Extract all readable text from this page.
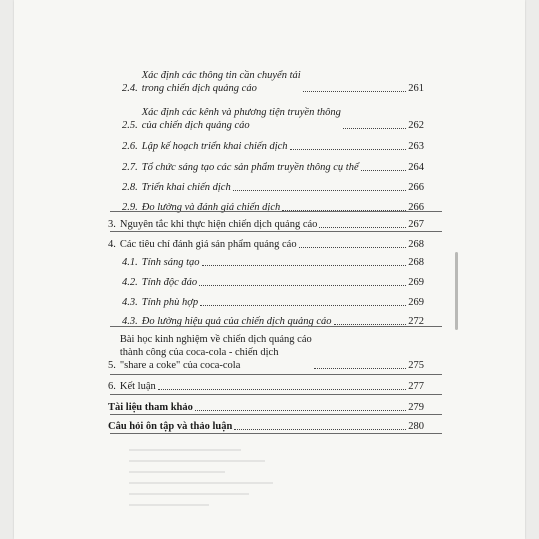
2.4.
Xác định các thông tin cần chuyển tải
trong chiến dịch quảng cáo	261
2.5.
Xác định các kênh và phương tiện truyền thông
của chiến dịch quảng cáo	262
2.6. Lập kế hoạch triển khai chiến dịch	263
2.7. Tổ chức sáng tạo các sản phẩm truyền thông cụ thể	264
2.8. Triển khai chiến dịch	266
2.9. Đo lường và đánh giá chiến dịch	266
3. Nguyên tắc khi thực hiện chiến dịch quảng cáo	267
4. Các tiêu chí đánh giá sản phẩm quảng cáo	268
4.1. Tính sáng tạo	268
4.2. Tính độc đáo	269
4.3. Tính phù hợp	269
4.3. Đo lường hiệu quả của chiến dịch quảng cáo	272
5.
Bài học kinh nghiệm về chiến dịch quảng cáo
thành công của coca-cola - chiến dịch
"share a coke" của coca-cola	275
6. Kết luận	277
Tài liệu tham khảo	279
Câu hỏi ôn tập và thảo luận	280
